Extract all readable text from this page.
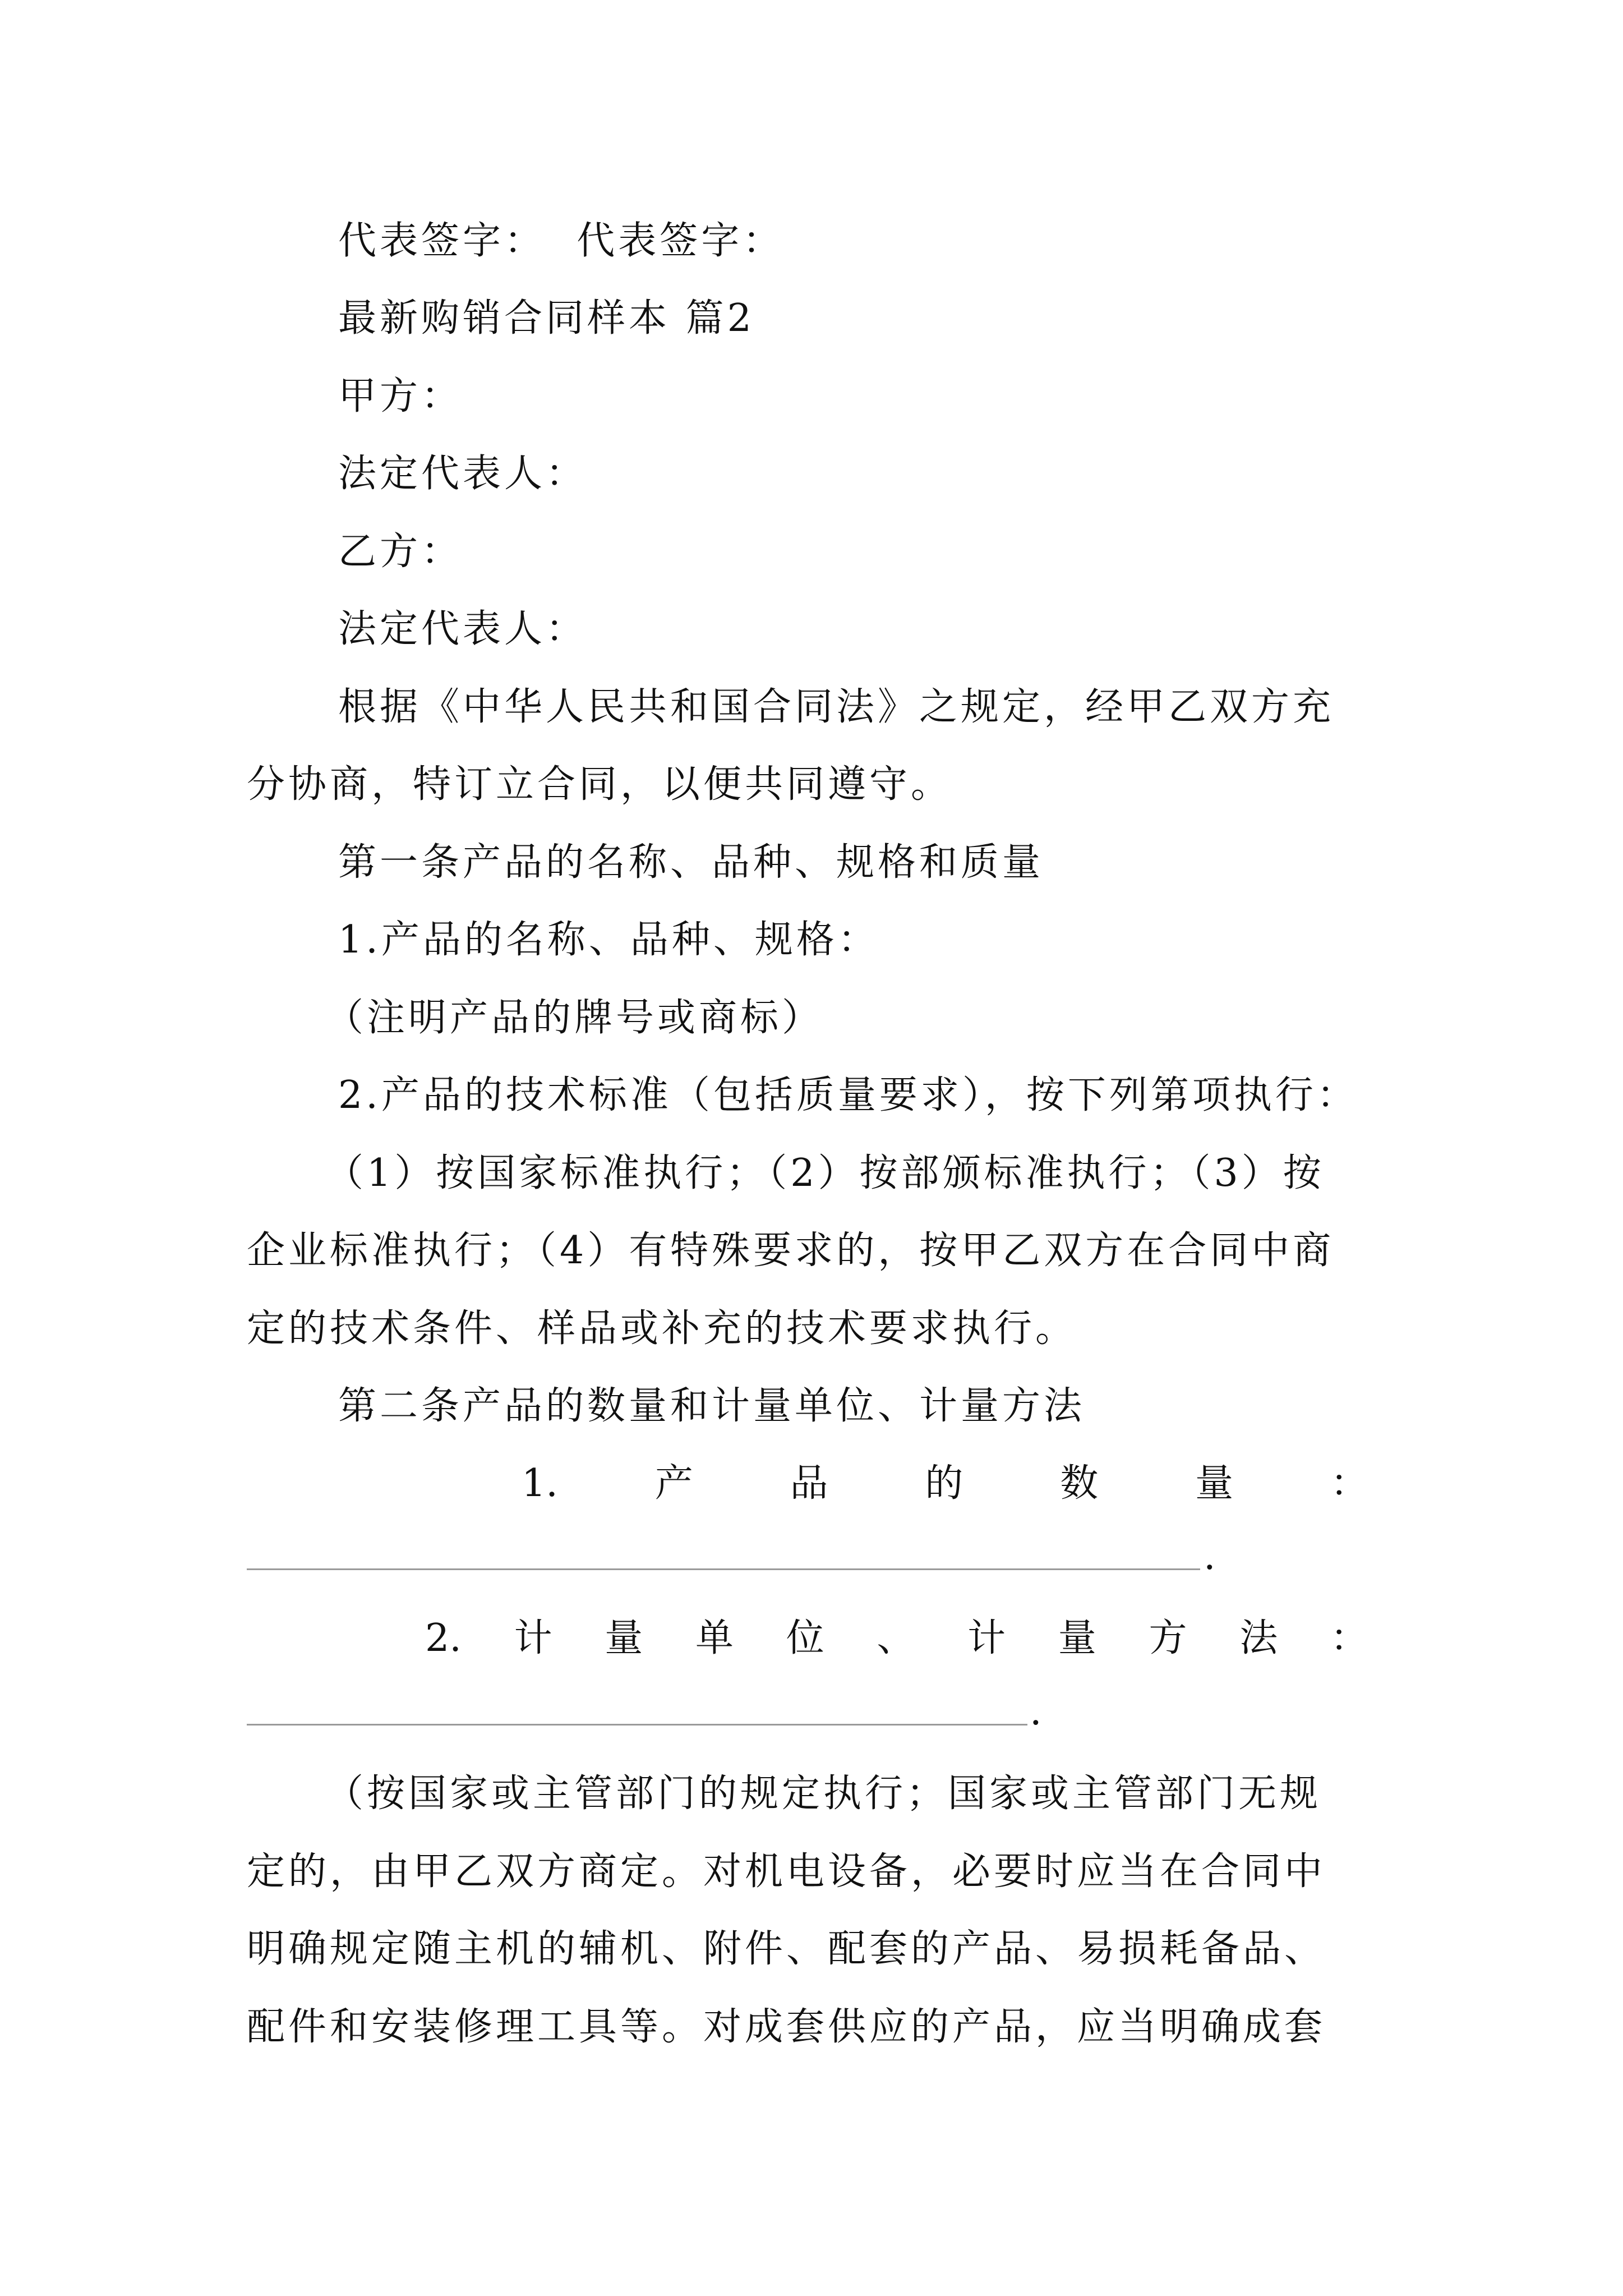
代表签字：  代表签字：
最新购销合同样本 篇2
甲方：
法定代表人：
乙方：
法定代表人：
根据《中华人民共和国合同法》之规定，经甲乙双方充
分协商，特订立合同，以便共同遵守。
第一条产品的名称、品种、规格和质量
1.产品的名称、品种、规格：
（注明产品的牌号或商标）
2.产品的技术标准（包括质量要求），按下列第项执行：
（1）按国家标准执行；（2）按部颁标准执行；（3）按
企业标准执行；（4）有特殊要求的，按甲乙双方在合同中商
定的技术条件、样品或补充的技术要求执行。
第二条产品的数量和计量单位、计量方法
1.	产	品	的	数	量	：
.
2. 计 量 单 位 、 计 量 方 法 ：
.
（按国家或主管部门的规定执行；国家或主管部门无规
定的，由甲乙双方商定。对机电设备，必要时应当在合同中
明确规定随主机的辅机、附件、配套的产品、易损耗备品、
配件和安装修理工具等。对成套供应的产品，应当明确成套
